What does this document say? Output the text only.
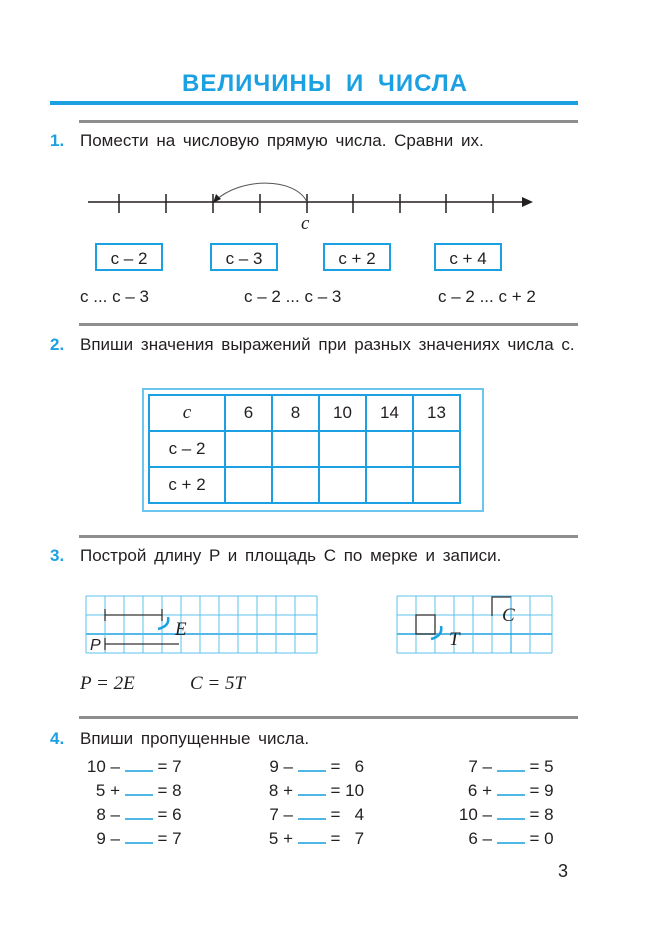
ВЕЛИЧИНЫ И ЧИСЛА
1. Помести на числовую прямую числа. Сравни их.
c
c – 2	c – 3	c + 2	c + 4
c ... c – 3	c – 2 ... c – 3	c – 2 ... c + 2
2. Впиши значения выражений при разных значениях числа c.
c	6	8	10	14	13
c – 2					
c + 2					
3. Построй длину P и площадь C по мерке и записи.
E
P	T
C
P = 2E	C = 5T
4. Впиши пропущенные числа.
10 – = 7
5 + = 8
8 – = 6
9 – = 7
9 – =   6
8 + = 10
7 – =   4
5 + =   7
7 – = 5
6 + = 9
10 – = 8
6 – = 0
3
